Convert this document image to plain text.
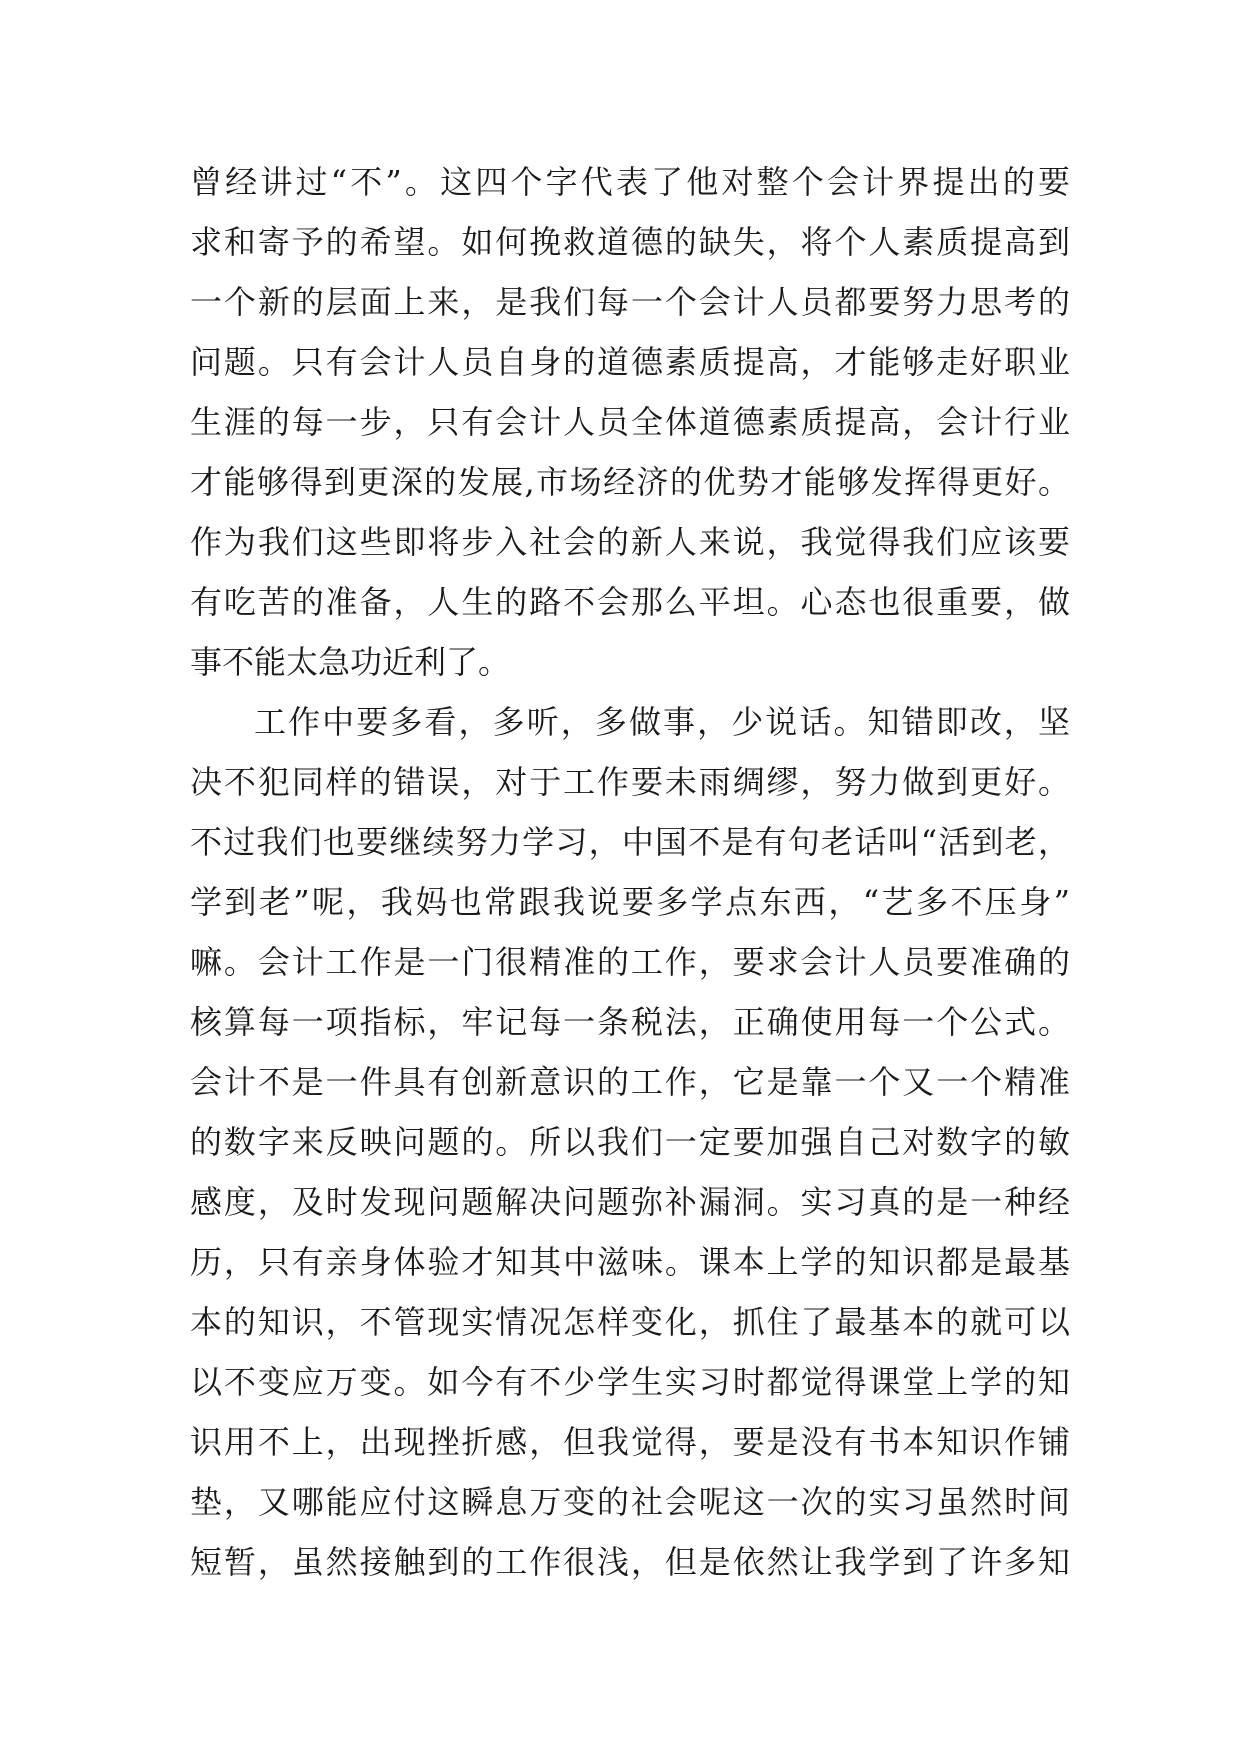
曾经讲过“不”。这四个字代表了他对整个会计界提出的要
求和寄予的希望。如何挽救道德的缺失，将个人素质提高到
一个新的层面上来，是我们每一个会计人员都要努力思考的
问题。只有会计人员自身的道德素质提高，才能够走好职业
生涯的每一步，只有会计人员全体道德素质提高，会计行业
才能够得到更深的发展,市场经济的优势才能够发挥得更好。
作为我们这些即将步入社会的新人来说，我觉得我们应该要
有吃苦的准备，人生的路不会那么平坦。心态也很重要，做
事不能太急功近利了。
工作中要多看，多听，多做事，少说话。知错即改，坚
决不犯同样的错误，对于工作要未雨绸缪，努力做到更好。
不过我们也要继续努力学习，中国不是有句老话叫“活到老，
学到老”呢，我妈也常跟我说要多学点东西，“艺多不压身”
嘛。会计工作是一门很精准的工作，要求会计人员要准确的
核算每一项指标，牢记每一条税法，正确使用每一个公式。
会计不是一件具有创新意识的工作，它是靠一个又一个精准
的数字来反映问题的。所以我们一定要加强自己对数字的敏
感度，及时发现问题解决问题弥补漏洞。实习真的是一种经
历，只有亲身体验才知其中滋味。课本上学的知识都是最基
本的知识，不管现实情况怎样变化，抓住了最基本的就可以
以不变应万变。如今有不少学生实习时都觉得课堂上学的知
识用不上，出现挫折感，但我觉得，要是没有书本知识作铺
垫，又哪能应付这瞬息万变的社会呢这一次的实习虽然时间
短暂，虽然接触到的工作很浅，但是依然让我学到了许多知
